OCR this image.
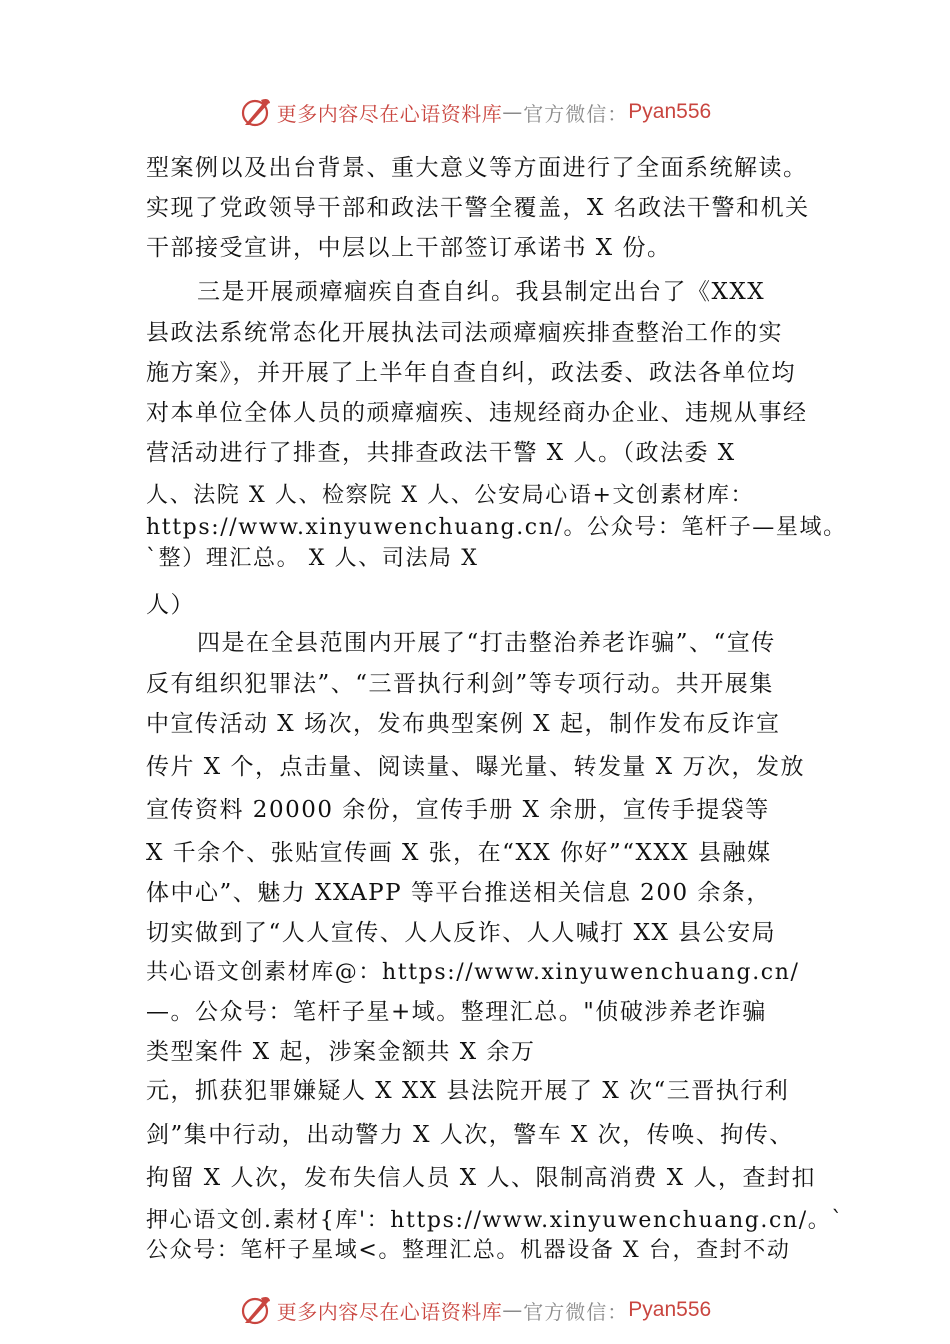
更多内容尽在心语资料库 — 官方微信： Pyan556
型案例以及出台背景、重大意义等方面进行了全面系统解读。
实现了党政领导干部和政法干警全覆盖，X 名政法干警和机关
干部接受宣讲，中层以上干部签订承诺书 X 份。
三是开展顽瘴痼疾自查自纠。我县制定出台了《XXX
县政法系统常态化开展执法司法顽瘴痼疾排查整治工作的实
施方案》，并开展了上半年自查自纠，政法委、政法各单位均
对本单位全体人员的顽瘴痼疾、违规经商办企业、违规从事经
营活动进行了排查，共排查政法干警 X 人。（政法委 X
人、法院 X 人、检察院 X 人、公安局心语+文创素材库：
https://www.xinyuwenchuang.cn/。公众号：笔杆子—星域。
`整）理汇总。 X 人、司法局 X
人）
四是在全县范围内开展了“打击整治养老诈骗”、“宣传
反有组织犯罪法”、“三晋执行利剑”等专项行动。共开展集
中宣传活动 X 场次，发布典型案例 X 起，制作发布反诈宣
传片 X 个，点击量、阅读量、曝光量、转发量 X 万次，发放
宣传资料 20000 余份，宣传手册 X 余册，宣传手提袋等
X 千余个、张贴宣传画 X 张，在“XX 你好”“XXX 县融媒
体中心”、魅力 XXAPP 等平台推送相关信息 200 余条，
切实做到了“人人宣传、人人反诈、人人喊打 XX 县公安局
共心语文创素材库@：https://www.xinyuwenchuang.cn/
—。公众号：笔杆子星+域。整理汇总。"侦破涉养老诈骗
类型案件 X 起，涉案金额共 X 余万
元，抓获犯罪嫌疑人 X XX 县法院开展了 X 次“三晋执行利
剑”集中行动，出动警力 X 人次，警车 X 次，传唤、拘传、
拘留 X 人次，发布失信人员 X 人、限制高消费 X 人，查封扣
押心语文创.素材{库'：https://www.xinyuwenchuang.cn/。`
公众号：笔杆子星域<。整理汇总。机器设备 X 台，查封不动
更多内容尽在心语资料库 — 官方微信： Pyan556
